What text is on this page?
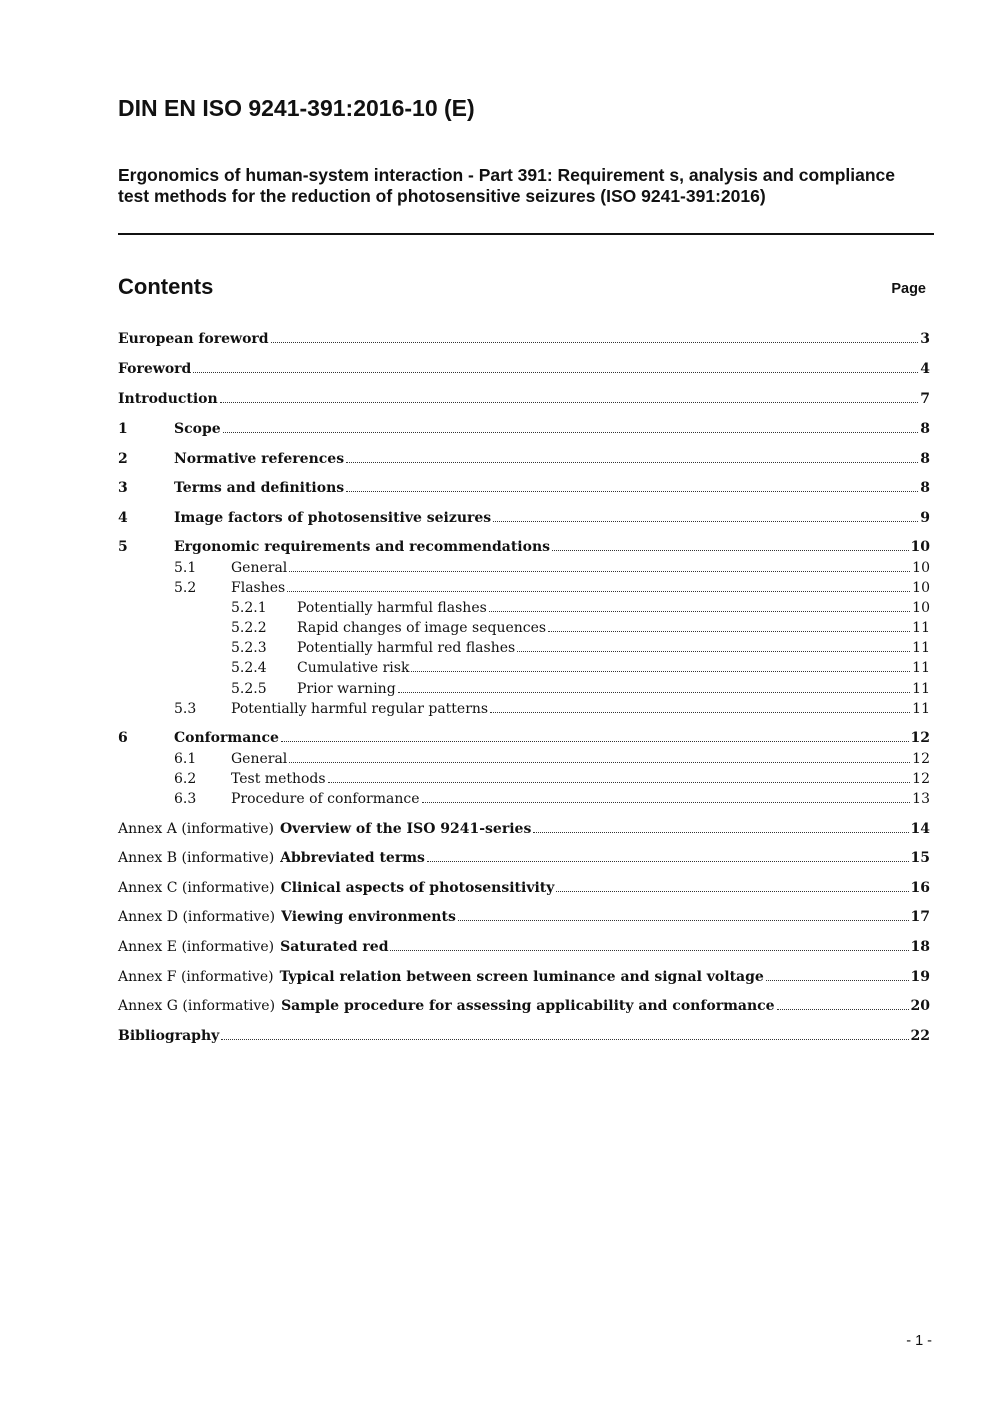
DIN EN ISO 9241-391:2016-10 (E)

Ergonomics of human-system interaction - Part 391: Requirement s, analysis and compliance test methods for the reduction of photosensitive seizures (ISO 9241-391:2016)

Contents	Page
European foreword	3
Foreword	4
Introduction	7
1	Scope	8
2	Normative references	8
3	Terms and definitions	8
4	Image factors of photosensitive seizures	9
5	Ergonomic requirements and recommendations	10
5.1	General	10
5.2	Flashes	10
5.2.1	Potentially harmful flashes	10
5.2.2	Rapid changes of image sequences	11
5.2.3	Potentially harmful red flashes	11
5.2.4	Cumulative risk	11
5.2.5	Prior warning	11
5.3	Potentially harmful regular patterns	11
6	Conformance	12
6.1	General	12
6.2	Test methods	12
6.3	Procedure of conformance	13
Annex A (informative) Overview of the ISO 9241-series	14
Annex B (informative) Abbreviated terms	15
Annex C (informative) Clinical aspects of photosensitivity	16
Annex D (informative) Viewing environments	17
Annex E (informative) Saturated red	18
Annex F (informative) Typical relation between screen luminance and signal voltage	19
Annex G (informative) Sample procedure for assessing applicability and conformance	20
Bibliography	22
- 1 -
